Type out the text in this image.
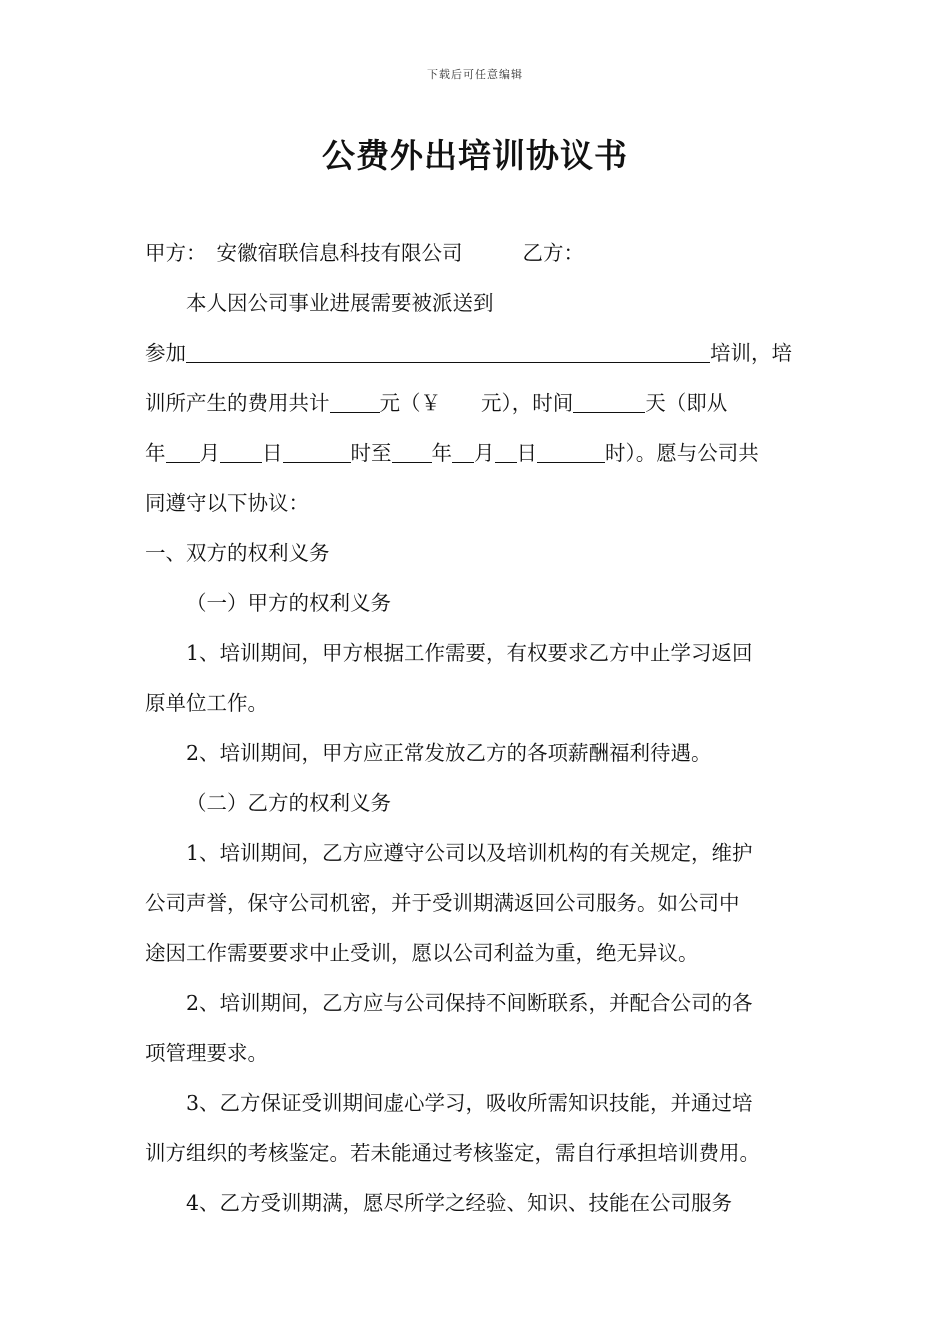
下载后可任意编辑
公费外出培训协议书
甲方： 安徽宿联信息科技有限公司	乙方：
本人因公司事业进展需要被派送到
参加	培训，培
训所产生的费用共计 元（￥ 元），时间	天（即从
年 月 日	时至 年 月 日	时）。愿与公司共
同遵守以下协议：
一、双方的权利义务
（一）甲方的权利义务
1、培训期间，甲方根据工作需要，有权要求乙方中止学习返回
原单位工作。
2、培训期间，甲方应正常发放乙方的各项薪酬福利待遇。
（二）乙方的权利义务
1、培训期间，乙方应遵守公司以及培训机构的有关规定，维护
公司声誉，保守公司机密，并于受训期满返回公司服务。如公司中
途因工作需要要求中止受训，愿以公司利益为重，绝无异议。
2、培训期间，乙方应与公司保持不间断联系，并配合公司的各
项管理要求。
3、乙方保证受训期间虚心学习，吸收所需知识技能，并通过培
训方组织的考核鉴定。若未能通过考核鉴定，需自行承担培训费用。
4、乙方受训期满，愿尽所学之经验、知识、技能在公司服务
